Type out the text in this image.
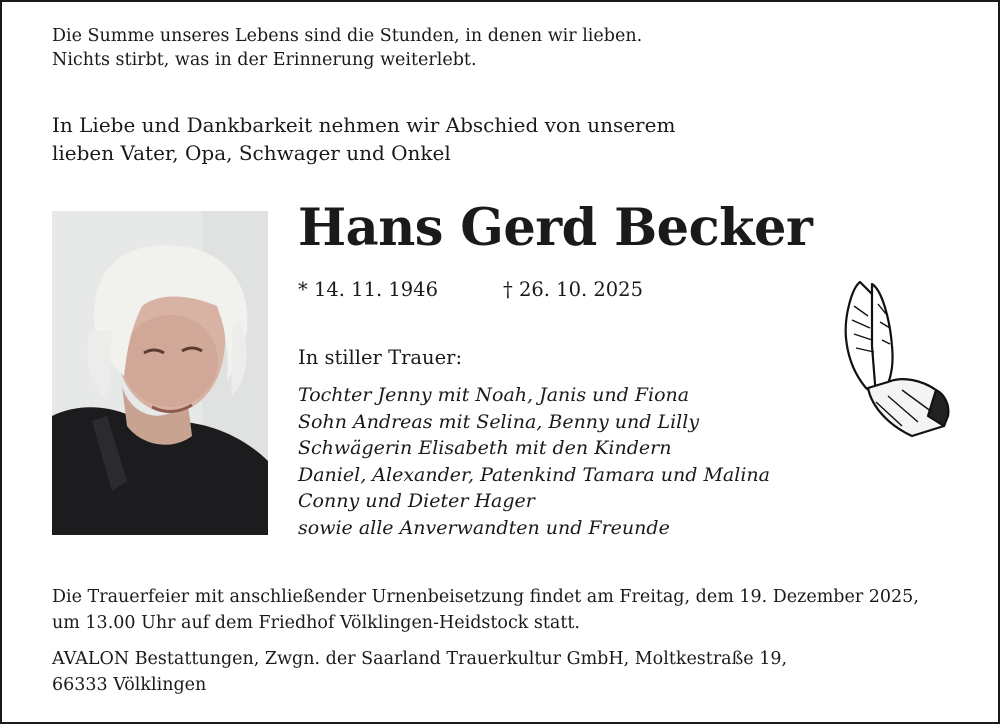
Die Summe unseres Lebens sind die Stunden, in denen wir lieben.
Nichts stirbt, was in der Erinnerung weiterlebt.
In Liebe und Dankbarkeit nehmen wir Abschied von unserem
lieben Vater, Opa, Schwager und Onkel
Hans Gerd Becker
* 14. 11. 1946	† 26. 10. 2025
In stiller Trauer:
Tochter Jenny mit Noah, Janis und Fiona
Sohn Andreas mit Selina, Benny und Lilly
Schwägerin Elisabeth mit den Kindern
Daniel, Alexander, Patenkind Tamara und Malina
Conny und Dieter Hager
sowie alle Anverwandten und Freunde
Die Trauerfeier mit anschließender Urnenbeisetzung findet am Freitag, dem 19. Dezember 2025,
um 13.00 Uhr auf dem Friedhof Völklingen-Heidstock statt.
AVALON Bestattungen, Zwgn. der Saarland Trauerkultur GmbH, Moltkestraße 19,
66333 Völklingen
